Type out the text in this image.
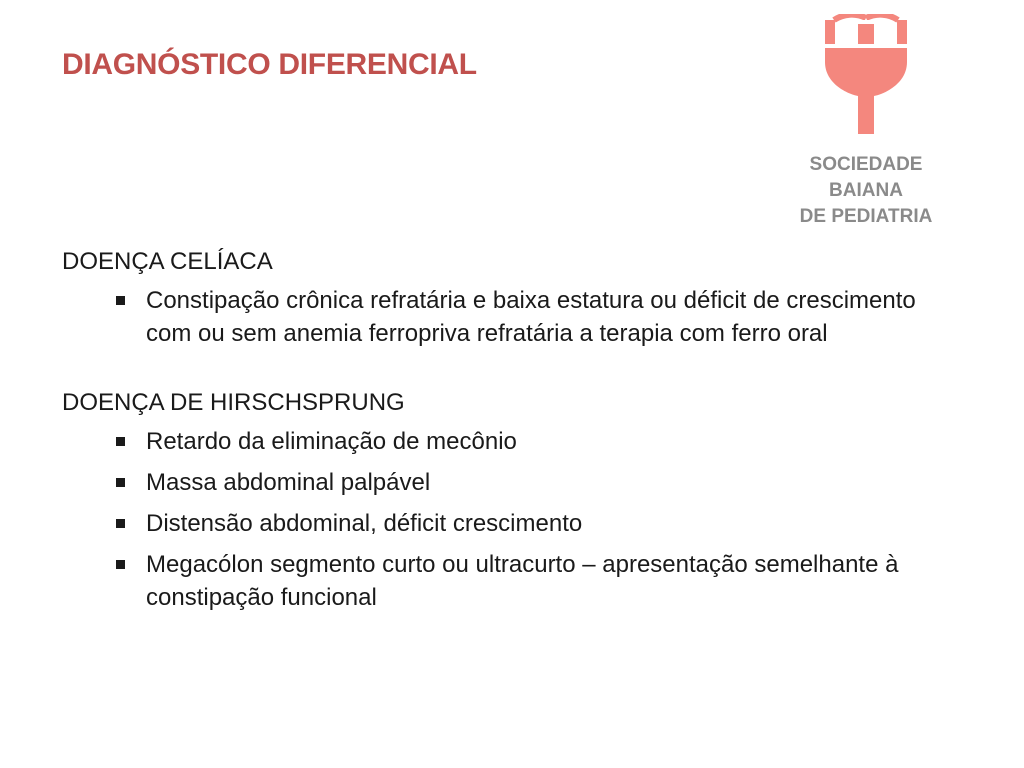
DIAGNÓSTICO DIFERENCIAL
SOCIEDADE
BAIANA
DE PEDIATRIA

DOENÇA CELÍACA

Constipação crônica refratária e baixa estatura ou déficit de crescimento com ou sem anemia ferropriva refratária a terapia com ferro oral

DOENÇA DE HIRSCHSPRUNG

Retardo da eliminação de mecônio
Massa abdominal palpável
Distensão abdominal, déficit crescimento
Megacólon segmento curto ou ultracurto – apresentação semelhante à constipação funcional
